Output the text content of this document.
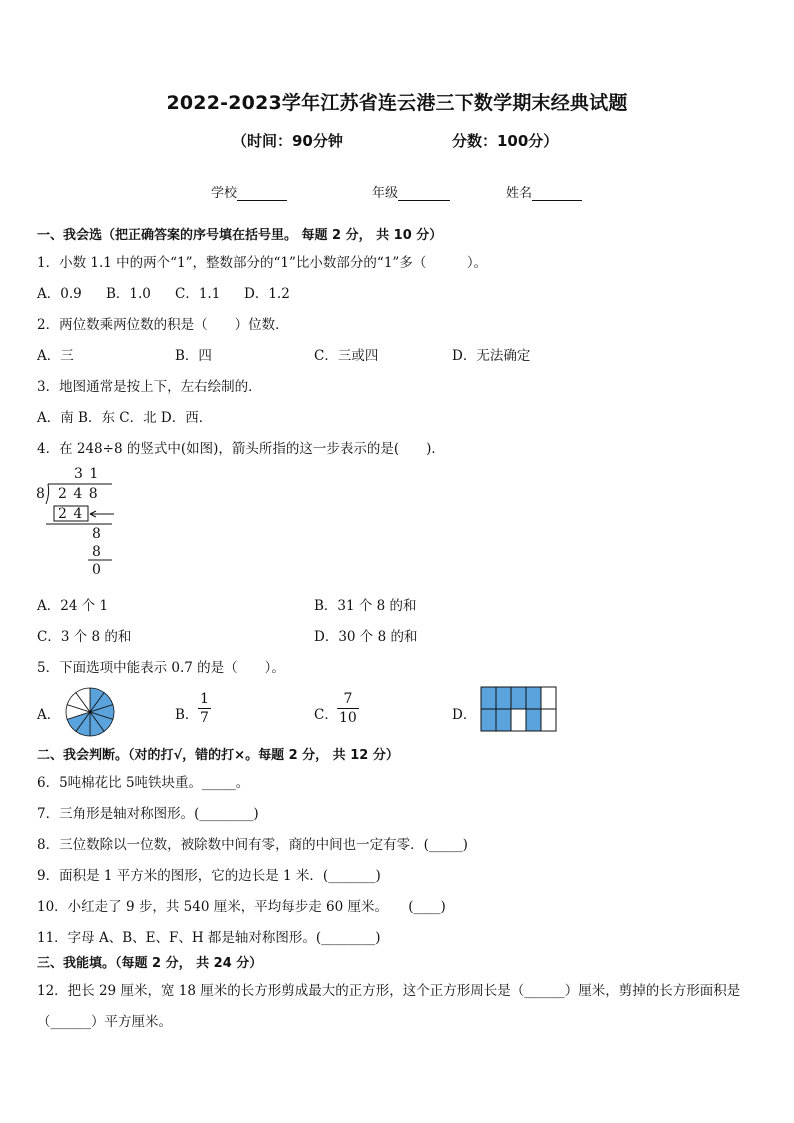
2022-2023学年江苏省连云港三下数学期末经典试题
（时间：90分钟	分数：100分）
学校	年级	姓名
一、我会选（把正确答案的序号填在括号里。 每题 2 分， 共 10 分）
1．小数 1.1 中的两个“1”，整数部分的“1”比小数部分的“1”多（　　　）。
A．0.9 B．1.0 C．1.1 D．1.2
2．两位数乘两位数的积是（　　）位数．
A．三	B．四	C．三或四	D．无法确定
3．地图通常是按上下，左右绘制的．
A．南 B．东 C．北 D．西．
4．在 248÷8 的竖式中(如图)，箭头所指的这一步表示的是(　　)．
3 1
8 2 4 8
2 4
8
8
0
A．24 个 1	B．31 个 8 的和
C．3 个 8 的和	D．30 个 8 的和
5．下面选项中能表示 0.7 的是（　　）。
A．	B． $\frac{1}{7}$	C． $\frac{7}{10}$	D．
二、我会判断。（对的打√，错的打×。每题 2 分， 共 12 分）
6．5吨棉花比 5吨铁块重。_____。
7．三角形是轴对称图形。(________)
8．三位数除以一位数，被除数中间有零，商的中间也一定有零．(_____)
9．面积是 1 平方米的图形，它的边长是 1 米．(_______)
10．小红走了 9 步，共 540 厘米，平均每步走 60 厘米。　　(____)
11．字母 A、B、E、F、H 都是轴对称图形。(________)
三、我能填。（每题 2 分， 共 24 分）
12．把长 29 厘米，宽 18 厘米的长方形剪成最大的正方形，这个正方形周长是（______）厘米，剪掉的长方形面积是
（______）平方厘米。
